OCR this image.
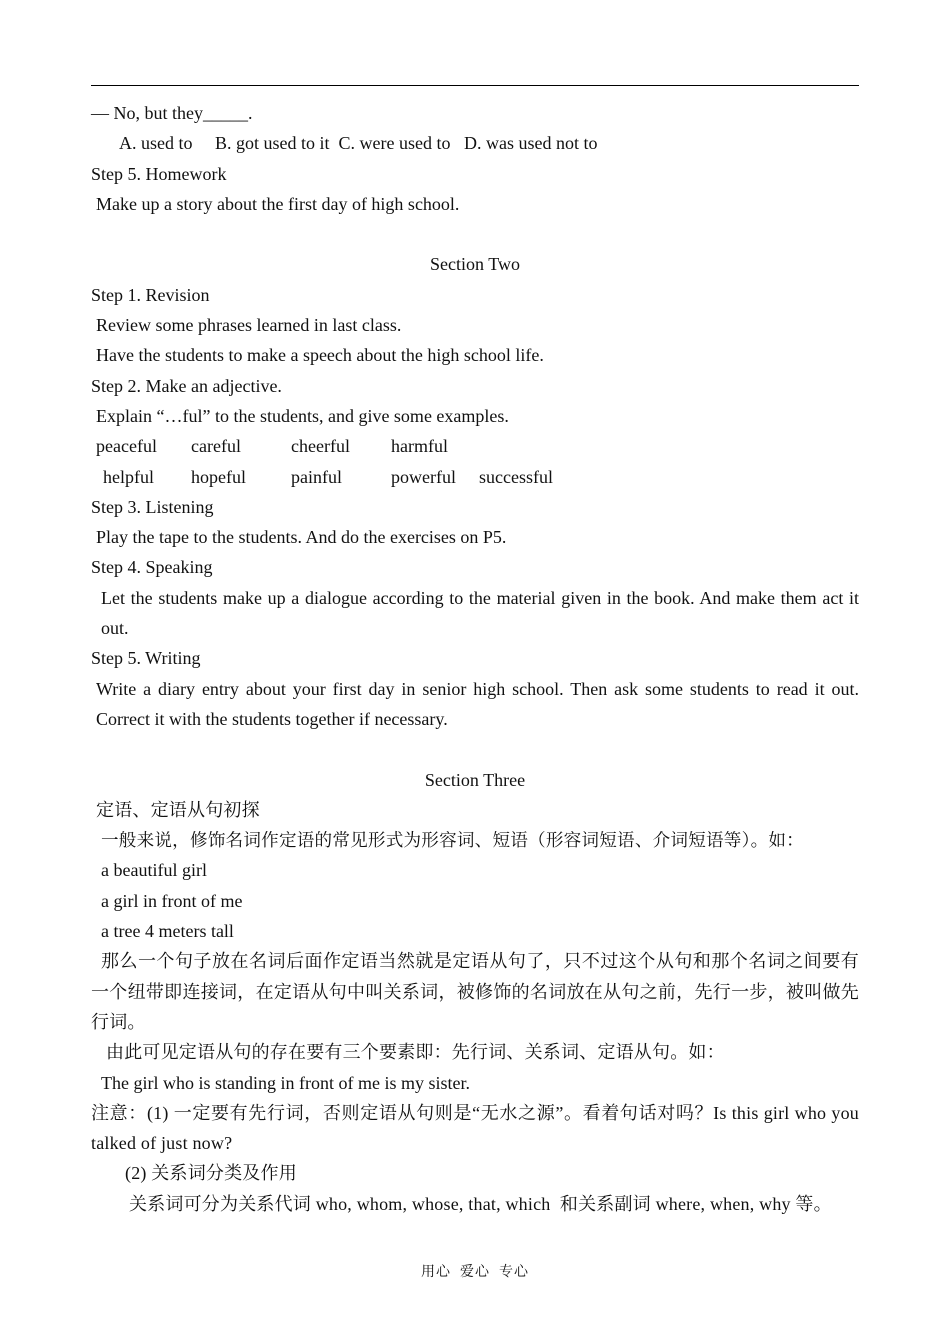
— No, but they_____.

A. used to     B. got used to it  C. were used to   D. was used not to

Step 5. Homework

Make up a story about the first day of high school.

Section Two

Step 1. Revision

Review some phrases learned in last class.

Have the students to make a speech about the high school life.

Step 2. Make an adjective.

Explain “…ful” to the students, and give some examples.

peaceful	careful	cheerful	harmful

helpful	hopeful	painful	powerful	successful

Step 3. Listening

Play the tape to the students. And do the exercises on P5.

Step 4. Speaking

Let the students make up a dialogue according to the material given in the book. And make them act it out.

Step 5. Writing

Write a diary entry about your first day in senior high school. Then ask some students to read it out. Correct it with the students together if necessary.

Section Three

定语、定语从句初探

一般来说，修饰名词作定语的常见形式为形容词、短语（形容词短语、介词短语等）。如：

a beautiful girl

a girl in front of me

a tree 4 meters tall

那么一个句子放在名词后面作定语当然就是定语从句了，只不过这个从句和那个名词之间要有一个纽带即连接词，在定语从句中叫关系词，被修饰的名词放在从句之前，先行一步，被叫做先行词。

由此可见定语从句的存在要有三个要素即：先行词、关系词、定语从句。如：

The girl who is standing in front of me is my sister.

注意：(1) 一定要有先行词，否则定语从句则是“无水之源”。看着句话对吗？Is this girl who you talked of just now?

(2) 关系词分类及作用

关系词可分为关系代词 who, whom, whose, that, which  和关系副词 where, when, why 等。

用心  爱心  专心
